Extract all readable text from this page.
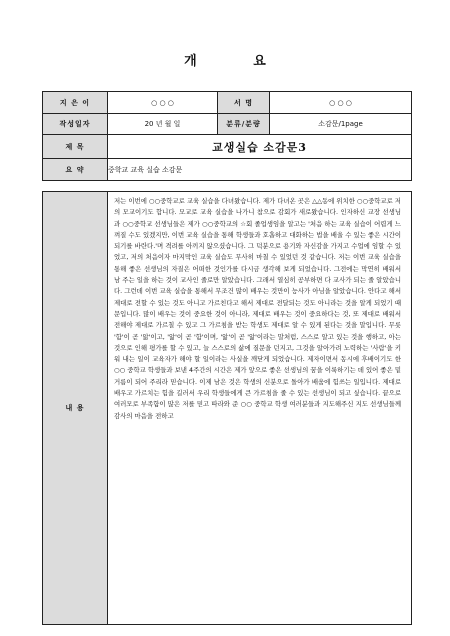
개 요
지 은 이	○ ○ ○	서 명	○ ○ ○
작성일자	20 년 월 일	분류/분량	소감문/1page
제 목	교생실습 소감문3		
요 약	중학교 교육 실습 소감문		

내 용	저는 이번에 ○○중학교로 교육 실습을 다녀왔습니다. 제가 다녀온 곳은 △△동에 위치한 ○○중학교로 저의 모교이기도 합니다. 모교로 교육 실습을 나가니 참으로 감회가 새로왔습니다. 인자하신 교장 선생님과 ○○중학교 선생님들은 제가 ○○중학교의 ☆회 졸업생임을 알고는 '처음 하는 교육 실습이 어렵게 느껴질 수도 있겠지만, 이번 교육 실습을 통해 학생들과 호흡하고 대화하는 법을 배울 수 있는 좋은 시간이 되기를 바란다.'며 격려를 아끼지 않으셨습니다. 그 덕분으로 용기와 자신감을 가지고 수업에 임할 수 있었고, 저의 처음이자 마지막인 교육 실습도 무사히 마칠 수 있었던 것 같습니다. 저는 이번 교육 실습을 통해 좋은 선생님의 자질은 어떠한 것인가를 다시금 생각해 보게 되었습니다. 그전에는 막연히 배워서 남 주는 일을 하는 것이 교사인 줄로만 알았습니다. 그래서 열심히 공부하면 다 교사가 되는 줄 알았습니다. 그런데 이번 교육 실습을 통해서 무조건 많이 배우는 것만이 능사가 아님을 알았습니다. 안다고 해서 제대로 전할 수 있는 것도 아니고 가르친다고 해서 제대로 전달되는 것도 아니라는 것을 알게 되었기 때문입니다. 많이 배우는 것이 중요한 것이 아니라, 제대로 배우는 것이 중요하다는 것, 또 제대로 배워서 전해야 제대로 가르칠 수 있고 그 가르침을 받는 학생도 제대로 알 수 있게 된다는 것을 말입니다. 무릇 '함'이 곧 '앎'이고, '앎'이 곧 '함'이며, '앎'이 곧 '앎'이라는 말처럼, 스스로 알고 있는 것을 행하고, 아는 것으로 인해 평가를 할 수 있고, 늘 스스로의 삶에 질문을 던지고, 그것을 알아가려 노력하는 '사람'을 키워 내는 일이 교육자가 해야 할 일이라는 사실을 깨닫게 되었습니다. 제자이면서 동시에 후배이기도 한 ○○ 중학교 학생들과 보낸 4주간의 시간은 제가 앞으로 좋은 선생님의 꿈을 이룩하기는 데 있어 좋은 밑거름이 되어 주리라 믿습니다. 이제 남은 것은 학생의 신분으로 돌아가 배움에 힘쓰는 일입니다. 제대로 배우고 가르치는 힘을 길러서 우리 학생들에게 큰 가르침을 줄 수 있는 선생님이 되고 싶습니다. 끝으로 여러모로 부족함이 많은 저를 믿고 따라와 준 ○○ 중학교 학생 여러분들과 지도해주신 지도 선생님들께 감사의 마음을 전하고		
